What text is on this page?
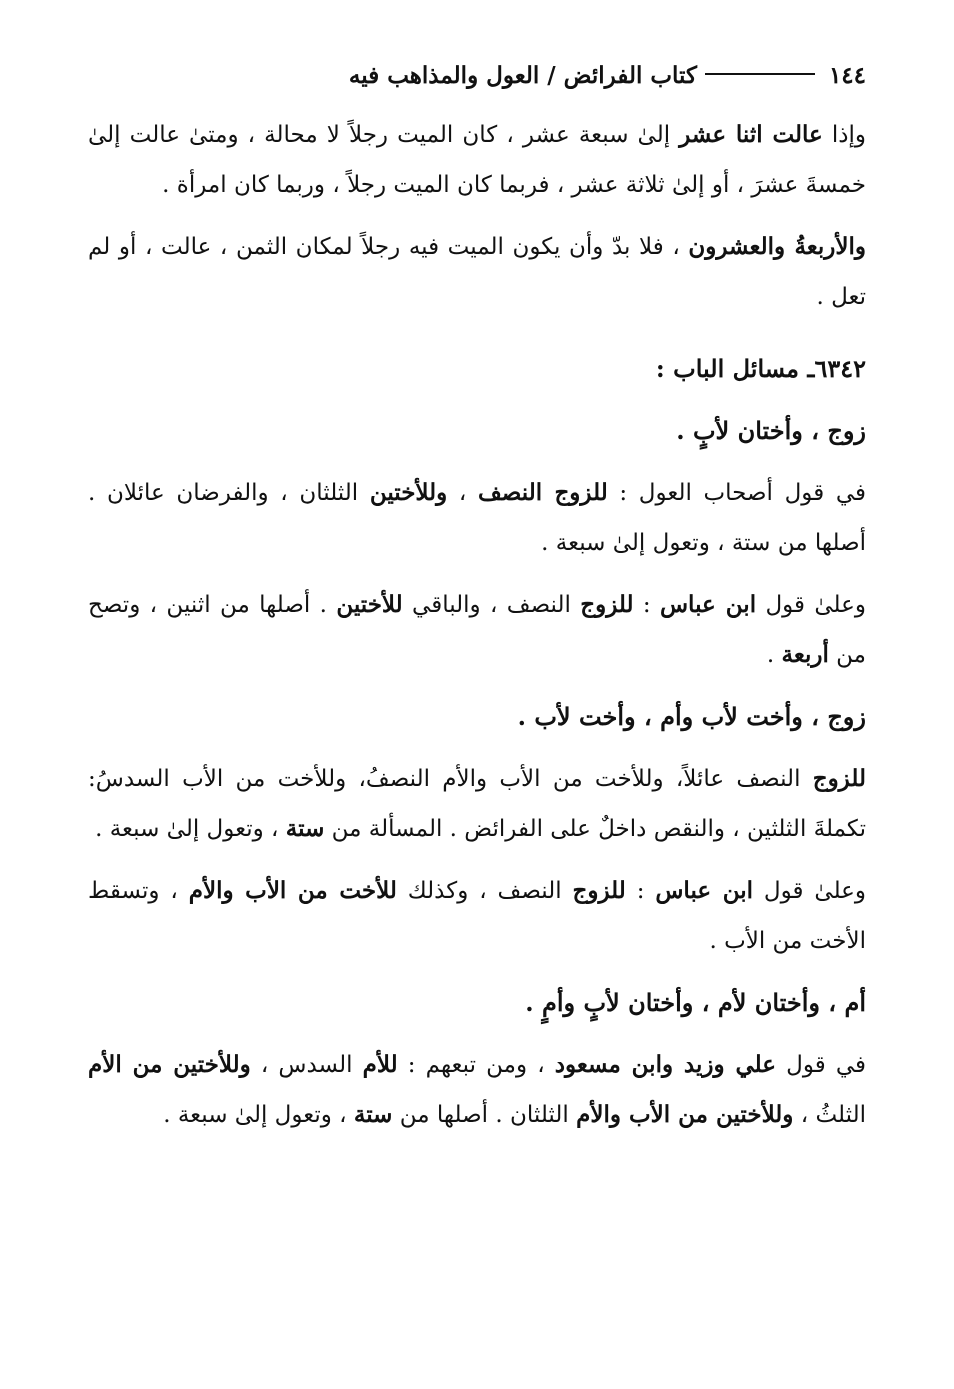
١٤٤
كتاب الفرائض / العول والمذاهب فيه

وإذا عالت اثنا عشر إلىٰ سبعة عشر ، كان الميت رجلاً لا محالة ، ومتىٰ عالت إلىٰ خمسةَ عشرَ ، أو إلىٰ ثلاثة عشر ، فربما كان الميت رجلاً ، وربما كان امرأة .

والأربعةُ والعشرون ، فلا بدّ وأن يكون الميت فيه رجلاً لمكان الثمن ، عالت ، أو لم تعل .

٦٣٤٢ـ مسائل الباب :
زوج ، وأختان لأبٍ .

في قول أصحاب العول : للزوج النصف ، وللأختين الثلثان ، والفرضان عائلان . أصلها من ستة ، وتعول إلىٰ سبعة .

وعلىٰ قول ابن عباس : للزوج النصف ، والباقي للأختين . أصلها من اثنين ، وتصح من أربعة .

زوج ، وأخت لأب وأم ، وأخت لأب .

للزوج النصف عائلاً، وللأخت من الأب والأم النصفُ، وللأخت من الأب السدسُ: تكملةَ الثلثين ، والنقص داخلٌ على الفرائض . المسألة من ستة ، وتعول إلىٰ سبعة .

وعلىٰ قول ابن عباس : للزوج النصف ، وكذلك للأخت من الأب والأم ، وتسقط الأخت من الأب .

أم ، وأختان لأم ، وأختان لأبٍ وأمٍ .

في قول علي وزيد وابن مسعود ، ومن تبعهم : للأم السدس ، وللأختين من الأم الثلثُ ، وللأختين من الأب والأم الثلثان . أصلها من ستة ، وتعول إلىٰ سبعة .
